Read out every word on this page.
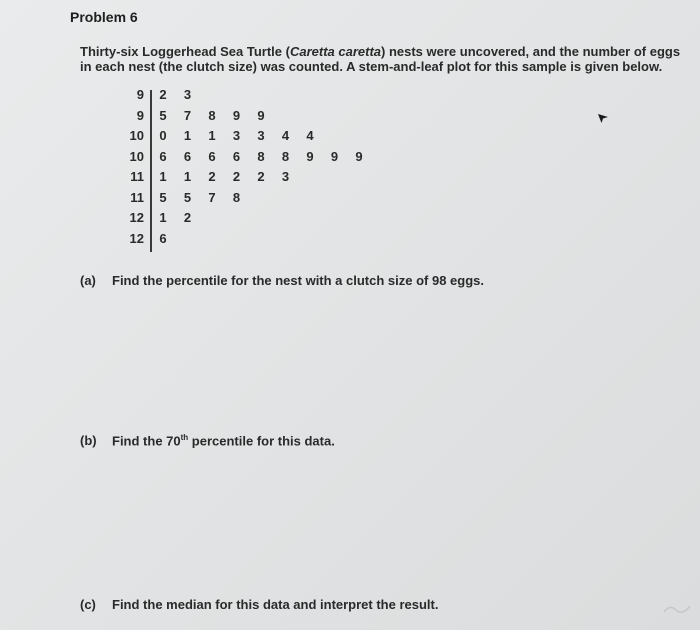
Problem 6
Thirty-six Loggerhead Sea Turtle (Caretta caretta) nests were uncovered, and the number of eggs
in each nest (the clutch size) was counted. A stem-and-leaf plot for this sample is given below.
9 2 3
9 5 7 8 9 9
10 0 1 1 3 3 4 4
10 6 6 6 6 8 8 9 9 9
11 1 1 2 2 2 3
11 5 5 7 8
12 1 2
12 6
(a) Find the percentile for the nest with a clutch size of 98 eggs.
(b) Find the 70th percentile for this data.
(c) Find the median for this data and interpret the result.
